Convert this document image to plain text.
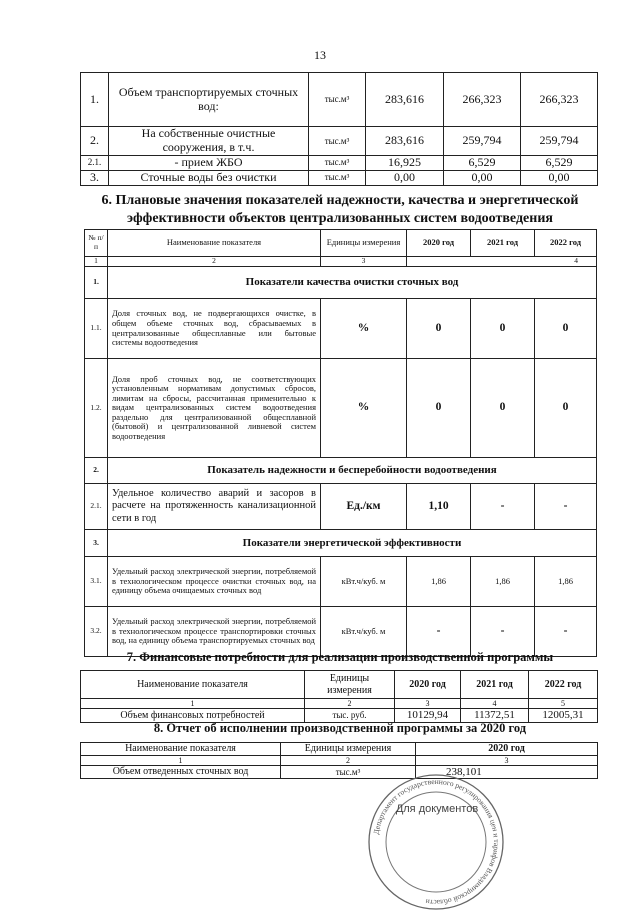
13
1.	Объем транспортируемых сточных вод:	тыс.м³	283,616	266,323	266,323
2.	На собственные очистные сооружения, в т.ч.	тыс.м³	283,616	259,794	259,794
2.1.	- прием ЖБО	тыс.м³	16,925	6,529	6,529
3.	Сточные воды без очистки	тыс.м³	0,00	0,00	0,00
6. Плановые значения показателей надежности, качества и энергетической эффективности объектов централизованных систем водоотведения
№ п/п	Наименование показателя	Единицы измерения	2020 год	2021 год	2022 год
1	2	3	4		
1.	Показатели качества очистки сточных вод				
1.1.	Доля сточных вод, не подвергающихся очистке, в общем объеме сточных вод, сбрасываемых в централизованные общесплавные или бытовые системы водоотведения	%	0	0	0
1.2.	Доля проб сточных вод, не соответствующих установленным нормативам допустимых сбросов, лимитам на сбросы, рассчитанная применительно к видам централизованных систем водоотведения раздельно для централизованной общесплавной (бытовой) и централизованной ливневой систем водоотведения	%	0	0	0
2.	Показатель надежности и бесперебойности водоотведения				
2.1.	Удельное количество аварий и засоров в расчете на протяженность канализационной сети в год	Ед./км	1,10	-	-
3.	Показатели энергетической эффективности				
3.1.	Удельный расход электрической энергии, потребляемой в технологическом процессе очистки сточных вод, на единицу объема очищаемых сточных вод	кВт.ч/куб. м	1,86	1,86	1,86
3.2.	Удельный расход электрической энергии, потребляемой в технологическом процессе транспортировки сточных вод, на единицу объема транспортируемых сточных вод	кВт.ч/куб. м	-	-	-
7. Финансовые потребности для реализации производственной программы
Наименование показателя	Единицы измерения	2020 год	2021 год	2022 год
1	2	3	4	5
Объем финансовых потребностей	тыс. руб.	10129,94	11372,51	12005,31
8. Отчет об исполнении производственной программы за 2020 год
Наименование показателя	Единицы измерения	2020 год
1	2	3
Объем отведенных сточных вод	тыс.м³	238,101
Департамент государственного регулирования цен и тарифов Владимирской области
Для документов
